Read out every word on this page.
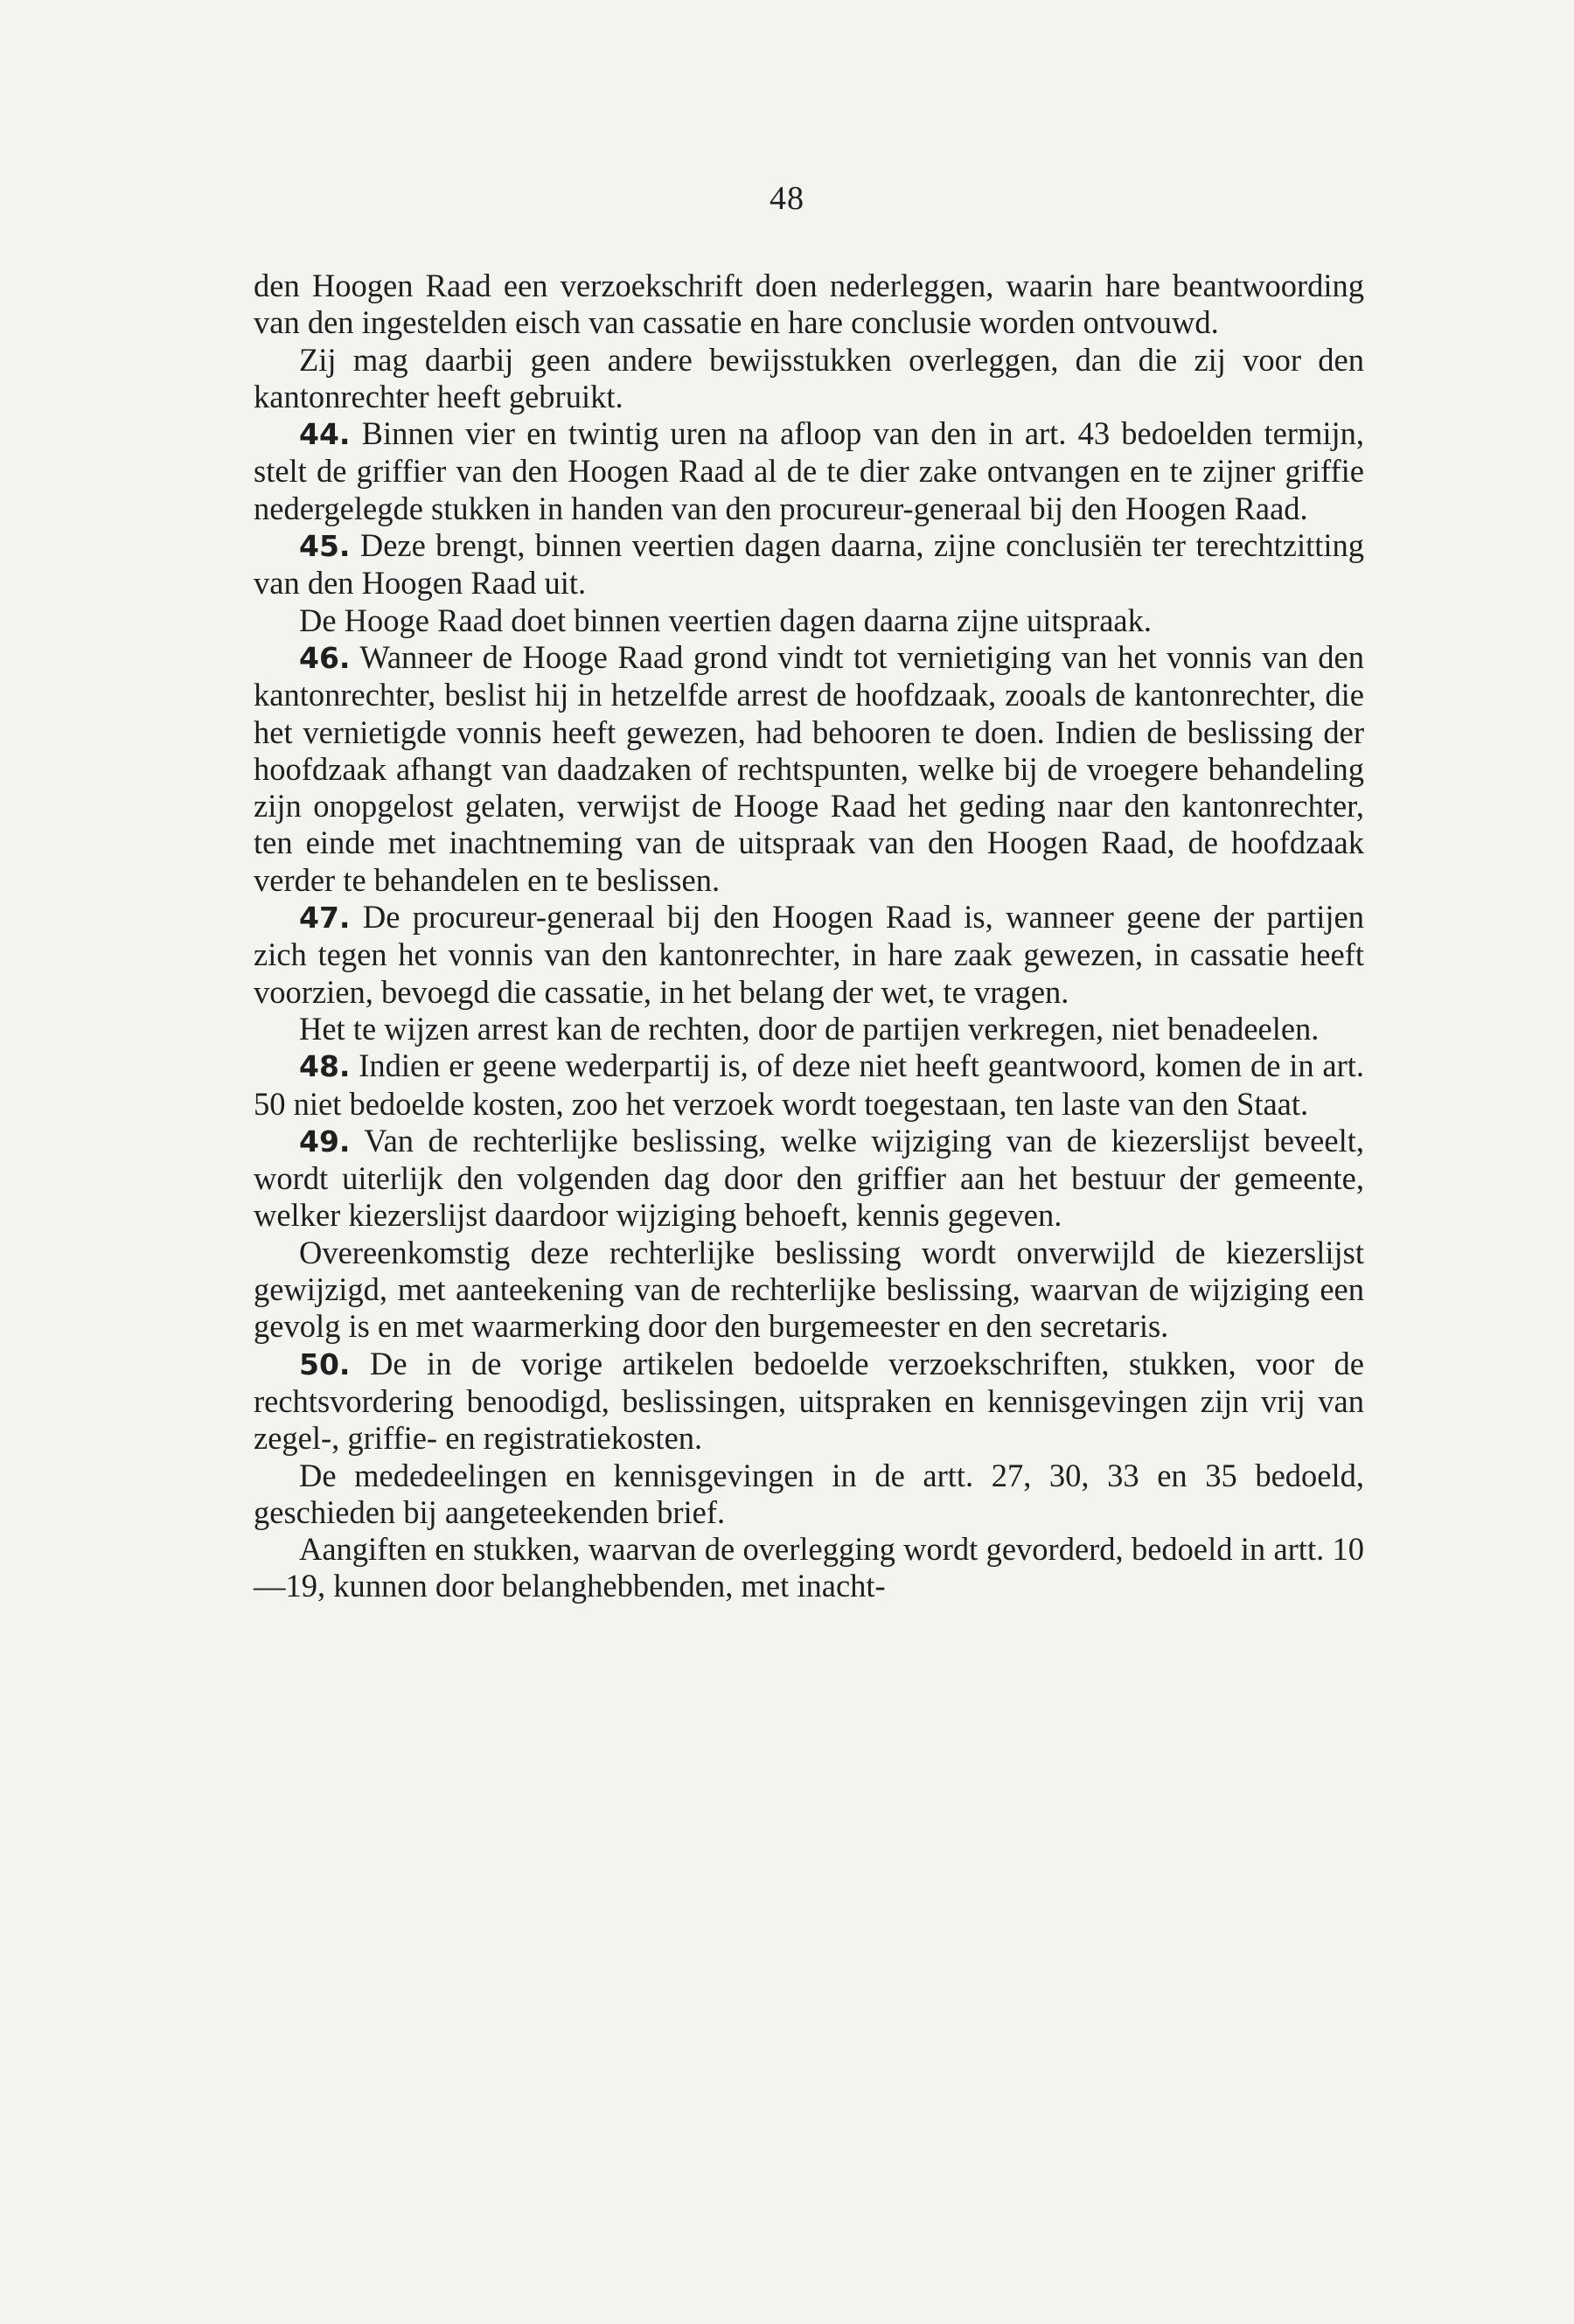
48

den Hoogen Raad een verzoekschrift doen nederleggen, waarin hare beantwoording van den ingestelden eisch van cassatie en hare conclusie worden ontvouwd.

Zij mag daarbij geen andere bewijsstukken overleggen, dan die zij voor den kantonrechter heeft gebruikt.

44. Binnen vier en twintig uren na afloop van den in art. 43 bedoelden termijn, stelt de griffier van den Hoogen Raad al de te dier zake ontvangen en te zijner griffie nedergelegde stukken in handen van den procureur-generaal bij den Hoogen Raad.

45. Deze brengt, binnen veertien dagen daarna, zijne conclusiën ter terechtzitting van den Hoogen Raad uit.

De Hooge Raad doet binnen veertien dagen daarna zijne uitspraak.

46. Wanneer de Hooge Raad grond vindt tot vernietiging van het vonnis van den kantonrechter, beslist hij in hetzelfde arrest de hoofdzaak, zooals de kantonrechter, die het vernietigde vonnis heeft gewezen, had behooren te doen. Indien de beslissing der hoofdzaak afhangt van daadzaken of rechtspunten, welke bij de vroegere behandeling zijn onopgelost gelaten, verwijst de Hooge Raad het geding naar den kantonrechter, ten einde met inachtneming van de uitspraak van den Hoogen Raad, de hoofdzaak verder te behandelen en te beslissen.

47. De procureur-generaal bij den Hoogen Raad is, wanneer geene der partijen zich tegen het vonnis van den kantonrechter, in hare zaak gewezen, in cassatie heeft voorzien, bevoegd die cassatie, in het belang der wet, te vragen.

Het te wijzen arrest kan de rechten, door de partijen verkregen, niet benadeelen.

48. Indien er geene wederpartij is, of deze niet heeft geantwoord, komen de in art. 50 niet bedoelde kosten, zoo het verzoek wordt toegestaan, ten laste van den Staat.

49. Van de rechterlijke beslissing, welke wijziging van de kiezerslijst beveelt, wordt uiterlijk den volgenden dag door den griffier aan het bestuur der gemeente, welker kiezerslijst daardoor wijziging behoeft, kennis gegeven.

Overeenkomstig deze rechterlijke beslissing wordt onverwijld de kiezerslijst gewijzigd, met aanteekening van de rechterlijke beslissing, waarvan de wijziging een gevolg is en met waarmerking door den burgemeester en den secretaris.

50. De in de vorige artikelen bedoelde verzoekschriften, stukken, voor de rechtsvordering benoodigd, beslissingen, uitspraken en kennisgevingen zijn vrij van zegel-, griffie- en registratiekosten.

De mededeelingen en kennisgevingen in de artt. 27, 30, 33 en 35 bedoeld, geschieden bij aangeteekenden brief.

Aangiften en stukken, waarvan de overlegging wordt gevorderd, bedoeld in artt. 10—19, kunnen door belanghebbenden, met inacht-
